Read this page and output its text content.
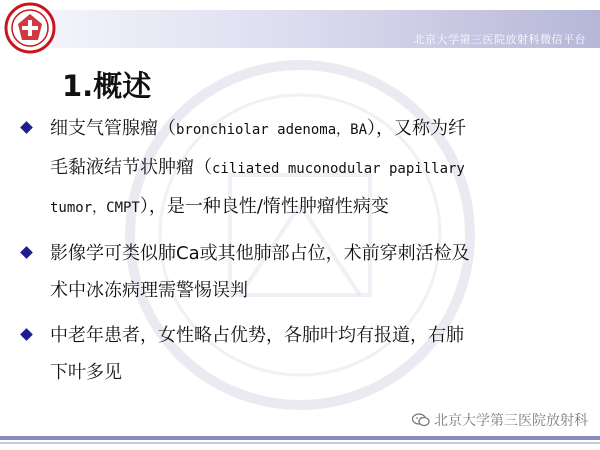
北京大学第三医院放射科微信平台
1.概述
细支气管腺瘤（bronchiolar adenoma，BA），又称为纤
毛黏液结节状肿瘤（ciliated muconodular papillary
tumor，CMPT），是一种良性/惰性肿瘤性病变
影像学可类似肺Ca或其他肺部占位，术前穿刺活检及
术中冰冻病理需警惕误判
中老年患者，女性略占优势，各肺叶均有报道，右肺
下叶多见
北京大学第三医院放射科
